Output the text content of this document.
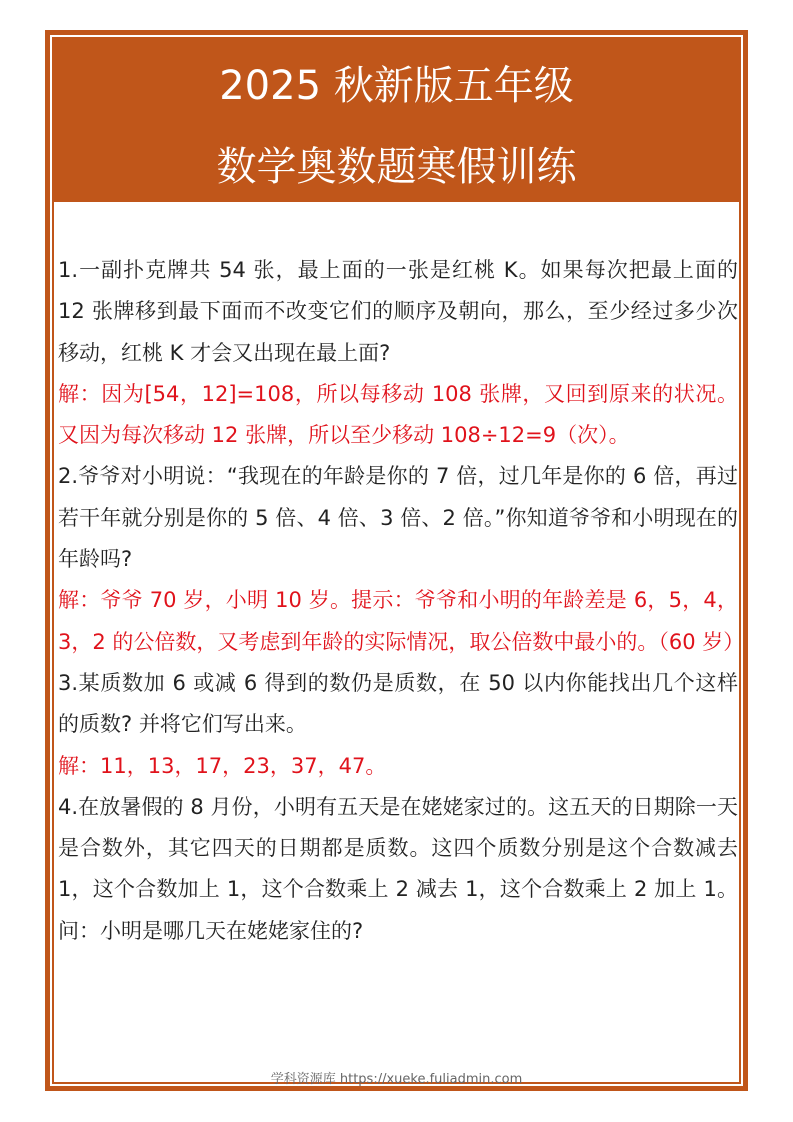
2025 秋新版五年级
数学奥数题寒假训练

1.一副扑克牌共 54 张，最上面的一张是红桃 K。如果每次把最上面的 12 张牌移到最下面而不改变它们的顺序及朝向，那么，至少经过多少次移动，红桃 K 才会又出现在最上面?

解：因为[54，12]=108，所以每移动 108 张牌，又回到原来的状况。又因为每次移动 12 张牌，所以至少移动 108÷12=9（次）。

2.爷爷对小明说：“我现在的年龄是你的 7 倍，过几年是你的 6 倍，再过若干年就分别是你的 5 倍、4 倍、3 倍、2 倍。”你知道爷爷和小明现在的年龄吗?

解：爷爷 70 岁，小明 10 岁。提示：爷爷和小明的年龄差是 6，5，4，3，2 的公倍数，又考虑到年龄的实际情况，取公倍数中最小的。（60 岁）

3.某质数加 6 或减 6 得到的数仍是质数，在 50 以内你能找出几个这样的质数? 并将它们写出来。

解：11，13，17，23，37，47。

4.在放暑假的 8 月份，小明有五天是在姥姥家过的。这五天的日期除一天是合数外，其它四天的日期都是质数。这四个质数分别是这个合数减去 1，这个合数加上 1，这个合数乘上 2 减去 1，这个合数乘上 2 加上 1。问：小明是哪几天在姥姥家住的?

学科资源库 https://xueke.fuliadmin.com
